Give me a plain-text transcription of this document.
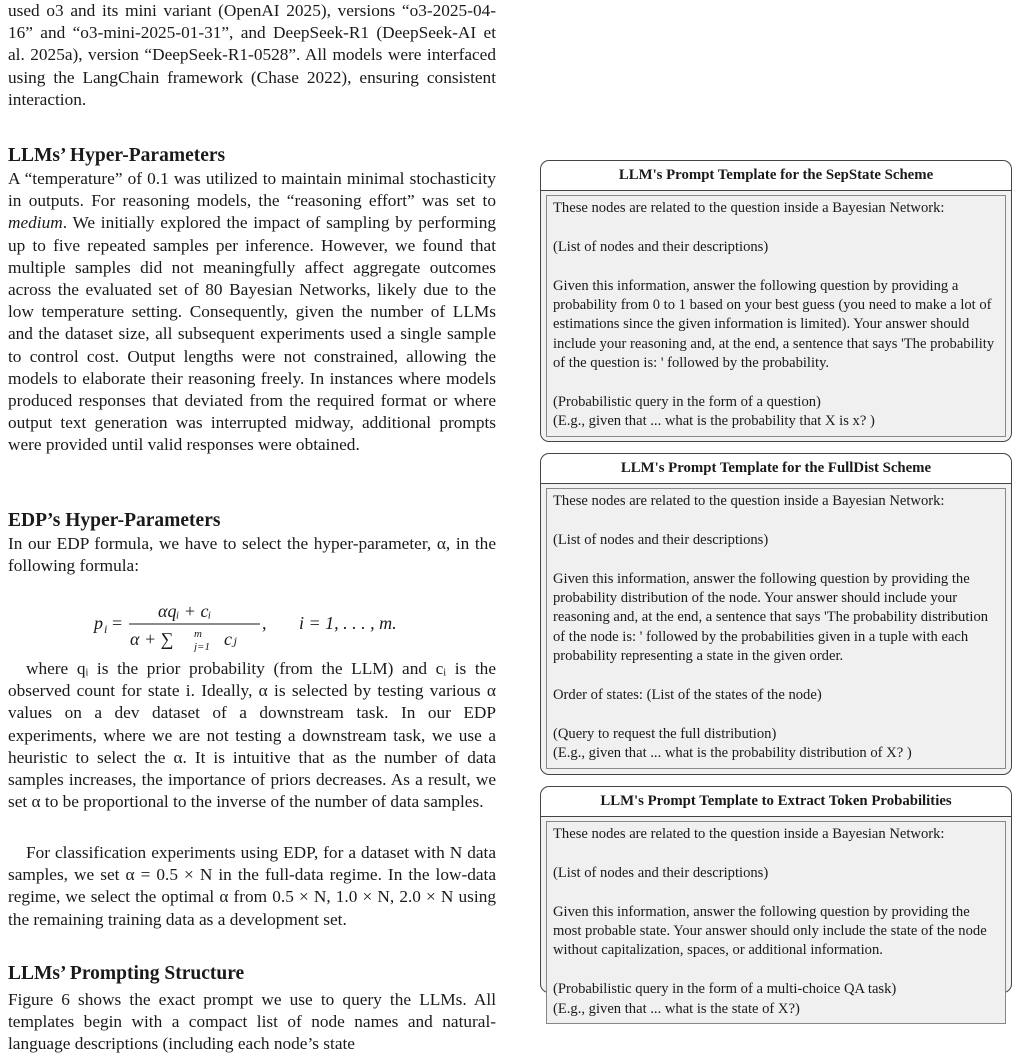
used o3 and its mini variant (OpenAI 2025), versions “o3-2025-04-16” and “o3-mini-2025-01-31”, and DeepSeek-R1 (DeepSeek-AI et al. 2025a), version “DeepSeek-R1-0528”. All models were interfaced using the LangChain framework (Chase 2022), ensuring consistent interaction.

LLMs’ Hyper-Parameters

A “temperature” of 0.1 was utilized to maintain minimal stochasticity in outputs. For reasoning models, the “reasoning effort” was set to medium. We initially explored the impact of sampling by performing up to five repeated samples per inference. However, we found that multiple samples did not meaningfully affect aggregate outcomes across the evaluated set of 80 Bayesian Networks, likely due to the low temperature setting. Consequently, given the number of LLMs and the dataset size, all subsequent experiments used a single sample to control cost. Output lengths were not constrained, allowing the models to elaborate their reasoning freely. In instances where models produced responses that deviated from the required format or where output text generation was interrupted midway, additional prompts were provided until valid responses were obtained.

EDP’s Hyper-Parameters

In our EDP formula, we have to select the hyper-parameter, α, in the following formula:

p i =
αqᵢ + cᵢ
α + ∑ m
j=1 cⱼ
, i = 1, . . . , m.

where qᵢ is the prior probability (from the LLM) and cᵢ is the observed count for state i. Ideally, α is selected by testing various α values on a dev dataset of a downstream task. In our EDP experiments, where we are not testing a downstream task, we use a heuristic to select the α. It is intuitive that as the number of data samples increases, the importance of priors decreases. As a result, we set α to be proportional to the inverse of the number of data samples.

For classification experiments using EDP, for a dataset with N data samples, we set α = 0.5 × N in the full-data regime. In the low-data regime, we select the optimal α from 0.5 × N, 1.0 × N, 2.0 × N using the remaining training data as a development set.

LLMs’ Prompting Structure

Figure 6 shows the exact prompt we use to query the LLMs. All templates begin with a compact list of node names and natural-language descriptions (including each node’s state

LLM's Prompt Template for the SepState Scheme

These nodes are related to the question inside a Bayesian Network:

(List of nodes and their descriptions)

Given this information, answer the following question by providing a probability from 0 to 1 based on your best guess (you need to make a lot of estimations since the given information is limited). Your answer should include your reasoning and, at the end, a sentence that says 'The probability of the question is: ' followed by the probability.

(Probabilistic query in the form of a question)

(E.g., given that ... what is the probability that X is x? )

LLM's Prompt Template for the FullDist Scheme

These nodes are related to the question inside a Bayesian Network:

(List of nodes and their descriptions)

Given this information, answer the following question by providing the probability distribution of the node. Your answer should include your reasoning and, at the end, a sentence that says 'The probability distribution of the node is: ' followed by the probabilities given in a tuple with each probability representing a state in the given order.

Order of states: (List of the states of the node)

(Query to request the full distribution)

(E.g., given that ... what is the probability distribution of X? )

LLM's Prompt Template to Extract Token Probabilities

These nodes are related to the question inside a Bayesian Network:

(List of nodes and their descriptions)

Given this information, answer the following question by providing the most probable state. Your answer should only include the state of the node without capitalization, spaces, or additional information.

(Probabilistic query in the form of a multi-choice QA task)

(E.g., given that ... what is the state of X?)
